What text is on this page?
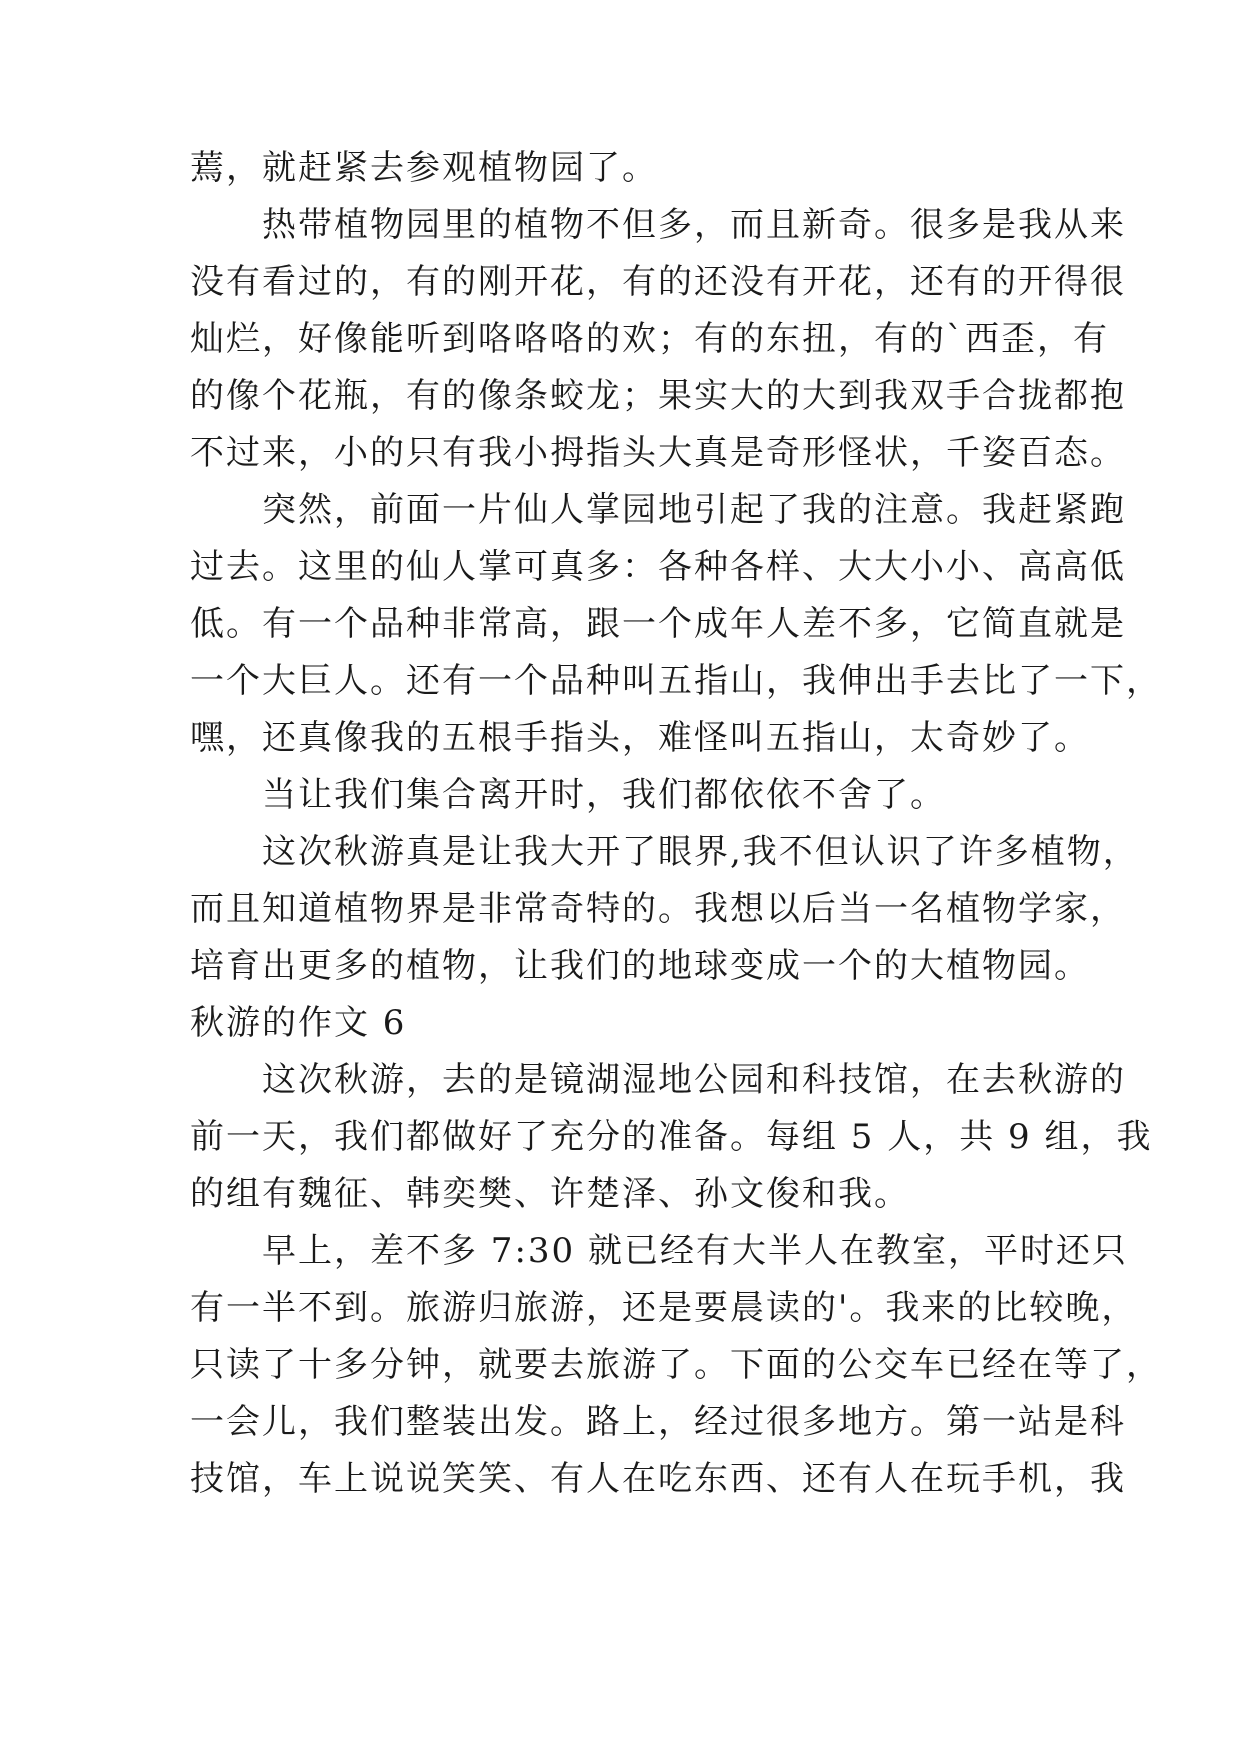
蔫，就赶紧去参观植物园了。
　　热带植物园里的植物不但多，而且新奇。很多是我从来
没有看过的，有的刚开花，有的还没有开花，还有的开得很
灿烂，好像能听到咯咯咯的欢；有的东扭，有的`西歪，有
的像个花瓶，有的像条蛟龙；果实大的大到我双手合拢都抱
不过来，小的只有我小拇指头大真是奇形怪状，千姿百态。
　　突然，前面一片仙人掌园地引起了我的注意。我赶紧跑
过去。这里的仙人掌可真多：各种各样、大大小小、高高低
低。有一个品种非常高，跟一个成年人差不多，它简直就是
一个大巨人。还有一个品种叫五指山，我伸出手去比了一下，
嘿，还真像我的五根手指头，难怪叫五指山，太奇妙了。
　　当让我们集合离开时，我们都依依不舍了。
　　这次秋游真是让我大开了眼界,我不但认识了许多植物，
而且知道植物界是非常奇特的。我想以后当一名植物学家，
培育出更多的植物，让我们的地球变成一个的大植物园。
秋游的作文 6
　　这次秋游，去的是镜湖湿地公园和科技馆，在去秋游的
前一天，我们都做好了充分的准备。每组 5 人，共 9 组，我
的组有魏征、韩奕樊、许楚泽、孙文俊和我。
　　早上，差不多 7:30 就已经有大半人在教室，平时还只
有一半不到。旅游归旅游，还是要晨读的'。我来的比较晚，
只读了十多分钟，就要去旅游了。下面的公交车已经在等了，
一会儿，我们整装出发。路上，经过很多地方。第一站是科
技馆，车上说说笑笑、有人在吃东西、还有人在玩手机，我
